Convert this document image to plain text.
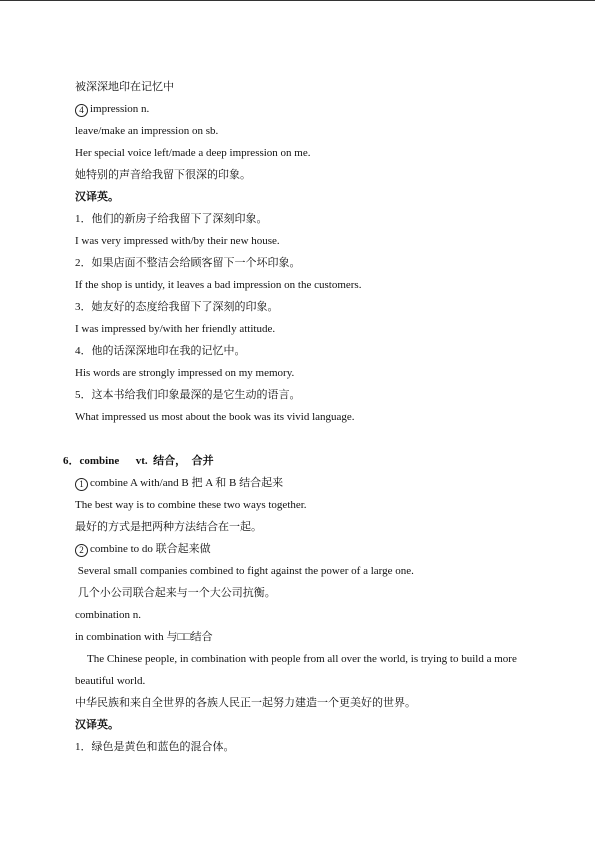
被深深地印在记忆中
4 impression n.
leave/make an impression on sb.
Her special voice left/made a deep impression on me.
她特别的声音给我留下很深的印象。
汉译英。
1．他们的新房子给我留下了深刻印象。
I was very impressed with/by their new house.
2．如果店面不整洁会给顾客留下一个坏印象。
If the shop is untidy, it leaves a bad impression on the customers.
3．她友好的态度给我留下了深刻的印象。
I was impressed by/with her friendly attitude.
4．他的话深深地印在我的记忆中。
His words are strongly impressed on my memory.
5．这本书给我们印象最深的是它生动的语言。
What impressed us most about the book was its vivid language.
6．combine      vt.  结合，  合并
1 combine A with/and B 把 A 和 B 结合起来
The best way is to combine these two ways together.
最好的方式是把两种方法结合在一起。
2 combine to do 联合起来做
Several small companies combined to fight against the power of a large one.
几个小公司联合起来与一个大公司抗衡。
combination n.
in combination with 与□□结合
The Chinese people, in combination with people from all over the world, is trying to build a more beautiful world.
中华民族和来自全世界的各族人民正一起努力建造一个更美好的世界。
汉译英。
1．绿色是黄色和蓝色的混合体。
